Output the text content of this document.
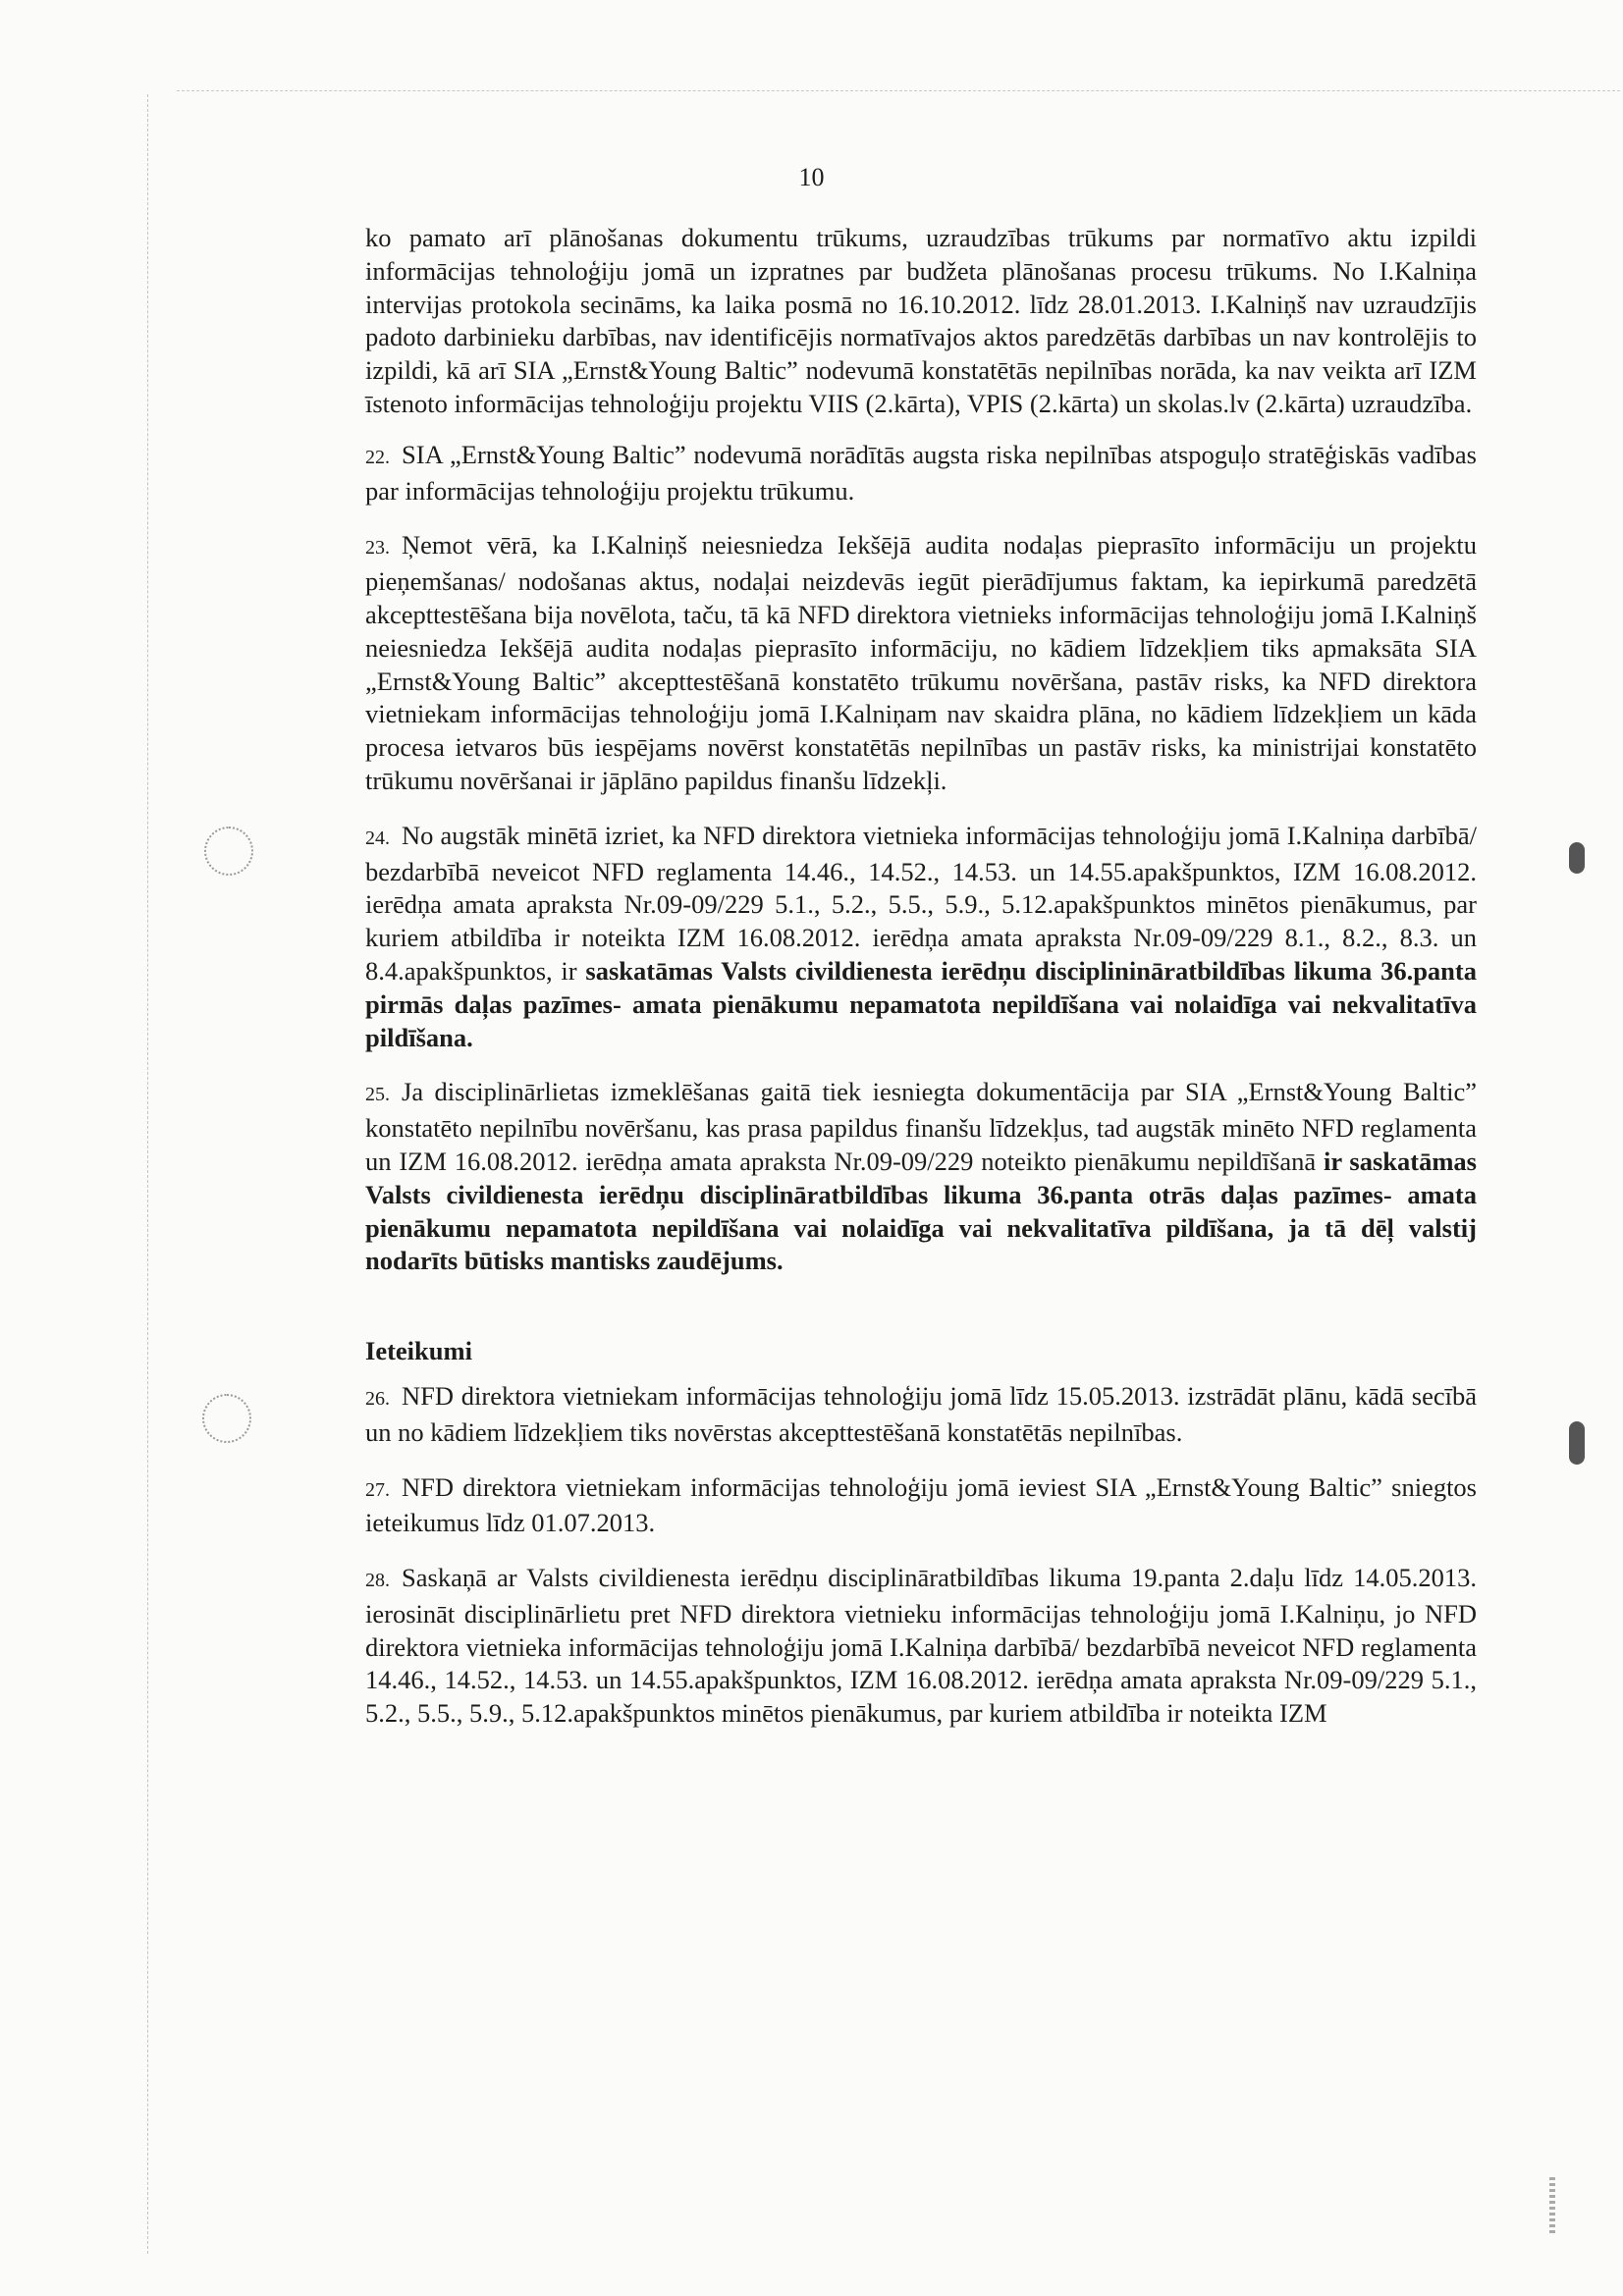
10

ko pamato arī plānošanas dokumentu trūkums, uzraudzības trūkums par normatīvo aktu izpildi informācijas tehnoloģiju jomā un izpratnes par budžeta plānošanas procesu trūkums. No I.Kalniņa intervijas protokola secināms, ka laika posmā no 16.10.2012. līdz 28.01.2013. I.Kalniņš nav uzraudzījis padoto darbinieku darbības, nav identificējis normatīvajos aktos paredzētās darbības un nav kontrolējis to izpildi, kā arī SIA „Ernst&Young Baltic” nodevumā konstatētās nepilnības norāda, ka nav veikta arī IZM īstenoto informācijas tehnoloģiju projektu VIIS (2.kārta), VPIS (2.kārta) un skolas.lv (2.kārta) uzraudzība.

22. SIA „Ernst&Young Baltic” nodevumā norādītās augsta riska nepilnības atspoguļo stratēģiskās vadības par informācijas tehnoloģiju projektu trūkumu.

23. Ņemot vērā, ka I.Kalniņš neiesniedza Iekšējā audita nodaļas pieprasīto informāciju un projektu pieņemšanas/ nodošanas aktus, nodaļai neizdevās iegūt pierādījumus faktam, ka iepirkumā paredzētā akcepttestēšana bija novēlota, taču, tā kā NFD direktora vietnieks informācijas tehnoloģiju jomā I.Kalniņš neiesniedza Iekšējā audita nodaļas pieprasīto informāciju, no kādiem līdzekļiem tiks apmaksāta SIA „Ernst&Young Baltic” akcepttestēšanā konstatēto trūkumu novēršana, pastāv risks, ka NFD direktora vietniekam informācijas tehnoloģiju jomā I.Kalniņam nav skaidra plāna, no kādiem līdzekļiem un kāda procesa ietvaros būs iespējams novērst konstatētās nepilnības un pastāv risks, ka ministrijai konstatēto trūkumu novēršanai ir jāplāno papildus finanšu līdzekļi.

24. No augstāk minētā izriet, ka NFD direktora vietnieka informācijas tehnoloģiju jomā I.Kalniņa darbībā/ bezdarbībā neveicot NFD reglamenta 14.46., 14.52., 14.53. un 14.55.apakšpunktos, IZM 16.08.2012. ierēdņa amata apraksta Nr.09-09/229 5.1., 5.2., 5.5., 5.9., 5.12.apakšpunktos minētos pienākumus, par kuriem atbildība ir noteikta IZM 16.08.2012. ierēdņa amata apraksta Nr.09-09/229 8.1., 8.2., 8.3. un 8.4.apakšpunktos, ir saskatāmas Valsts civildienesta ierēdņu disciplinināratbildības likuma 36.panta pirmās daļas pazīmes- amata pienākumu nepamatota nepildīšana vai nolaidīga vai nekvalitatīva pildīšana.

25. Ja disciplinārlietas izmeklēšanas gaitā tiek iesniegta dokumentācija par SIA „Ernst&Young Baltic” konstatēto nepilnību novēršanu, kas prasa papildus finanšu līdzekļus, tad augstāk minēto NFD reglamenta un IZM 16.08.2012. ierēdņa amata apraksta Nr.09-09/229 noteikto pienākumu nepildīšanā ir saskatāmas Valsts civildienesta ierēdņu disciplināratbildības likuma 36.panta otrās daļas pazīmes- amata pienākumu nepamatota nepildīšana vai nolaidīga vai nekvalitatīva pildīšana, ja tā dēļ valstij nodarīts būtisks mantisks zaudējums.

Ieteikumi

26. NFD direktora vietniekam informācijas tehnoloģiju jomā līdz 15.05.2013. izstrādāt plānu, kādā secībā un no kādiem līdzekļiem tiks novērstas akcepttestēšanā konstatētās nepilnības.

27. NFD direktora vietniekam informācijas tehnoloģiju jomā ieviest SIA „Ernst&Young Baltic” sniegtos ieteikumus līdz 01.07.2013.

28. Saskaņā ar Valsts civildienesta ierēdņu disciplināratbildības likuma 19.panta 2.daļu līdz 14.05.2013. ierosināt disciplinārlietu pret NFD direktora vietnieku informācijas tehnoloģiju jomā I.Kalniņu, jo NFD direktora vietnieka informācijas tehnoloģiju jomā I.Kalniņa darbībā/ bezdarbībā neveicot NFD reglamenta 14.46., 14.52., 14.53. un 14.55.apakšpunktos, IZM 16.08.2012. ierēdņa amata apraksta Nr.09-09/229 5.1., 5.2., 5.5., 5.9., 5.12.apakšpunktos minētos pienākumus, par kuriem atbildība ir noteikta IZM
